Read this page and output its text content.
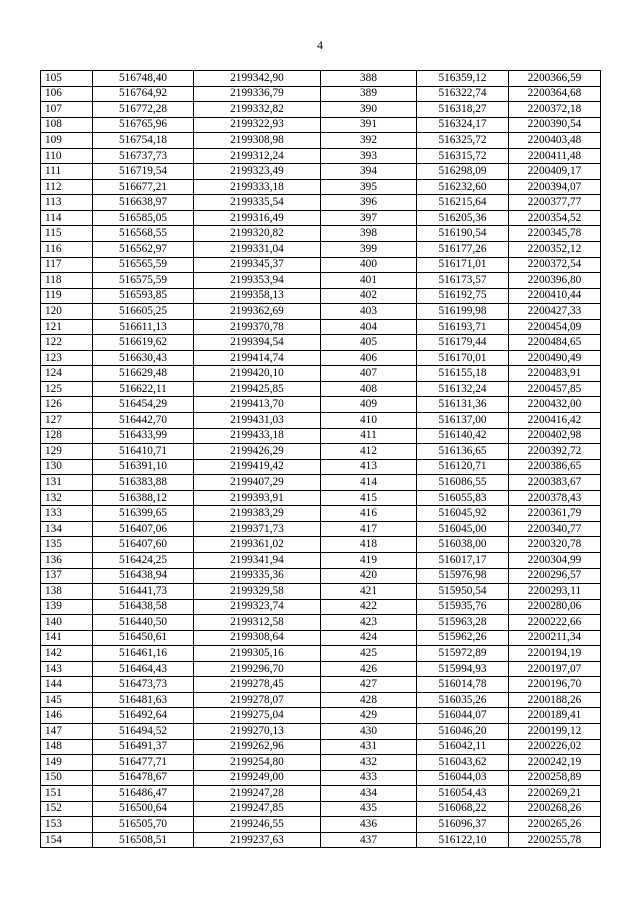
4
105	516748,40	2199342,90	388	516359,12	2200366,59
106	516764,92	2199336,79	389	516322,74	2200364,68
107	516772,28	2199332,82	390	516318,27	2200372,18
108	516765,96	2199322,93	391	516324,17	2200390,54
109	516754,18	2199308,98	392	516325,72	2200403,48
110	516737,73	2199312,24	393	516315,72	2200411,48
111	516719,54	2199323,49	394	516298,09	2200409,17
112	516677,21	2199333,18	395	516232,60	2200394,07
113	516638,97	2199335,54	396	516215,64	2200377,77
114	516585,05	2199316,49	397	516205,36	2200354,52
115	516568,55	2199320,82	398	516190,54	2200345,78
116	516562,97	2199331,04	399	516177,26	2200352,12
117	516565,59	2199345,37	400	516171,01	2200372,54
118	516575,59	2199353,94	401	516173,57	2200396,80
119	516593,85	2199358,13	402	516192,75	2200410,44
120	516605,25	2199362,69	403	516199,98	2200427,33
121	516611,13	2199370,78	404	516193,71	2200454,09
122	516619,62	2199394,54	405	516179,44	2200484,65
123	516630,43	2199414,74	406	516170,01	2200490,49
124	516629,48	2199420,10	407	516155,18	2200483,91
125	516622,11	2199425,85	408	516132,24	2200457,85
126	516454,29	2199413,70	409	516131,36	2200432,00
127	516442,70	2199431,03	410	516137,00	2200416,42
128	516433,99	2199433,18	411	516140,42	2200402,98
129	516410,71	2199426,29	412	516136,65	2200392,72
130	516391,10	2199419,42	413	516120,71	2200386,65
131	516383,88	2199407,29	414	516086,55	2200383,67
132	516388,12	2199393,91	415	516055,83	2200378,43
133	516399,65	2199383,29	416	516045,92	2200361,79
134	516407,06	2199371,73	417	516045,00	2200340,77
135	516407,60	2199361,02	418	516038,00	2200320,78
136	516424,25	2199341,94	419	516017,17	2200304,99
137	516438,94	2199335,36	420	515976,98	2200296,57
138	516441,73	2199329,58	421	515950,54	2200293,11
139	516438,58	2199323,74	422	515935,76	2200280,06
140	516440,50	2199312,58	423	515963,28	2200222,66
141	516450,61	2199308,64	424	515962,26	2200211,34
142	516461,16	2199305,16	425	515972,89	2200194,19
143	516464,43	2199296,70	426	515994,93	2200197,07
144	516473,73	2199278,45	427	516014,78	2200196,70
145	516481,63	2199278,07	428	516035,26	2200188,26
146	516492,64	2199275,04	429	516044,07	2200189,41
147	516494,52	2199270,13	430	516046,20	2200199,12
148	516491,37	2199262,96	431	516042,11	2200226,02
149	516477,71	2199254,80	432	516043,62	2200242,19
150	516478,67	2199249,00	433	516044,03	2200258,89
151	516486,47	2199247,28	434	516054,43	2200269,21
152	516500,64	2199247,85	435	516068,22	2200268,26
153	516505,70	2199246,55	436	516096,37	2200265,26
154	516508,51	2199237,63	437	516122,10	2200255,78
